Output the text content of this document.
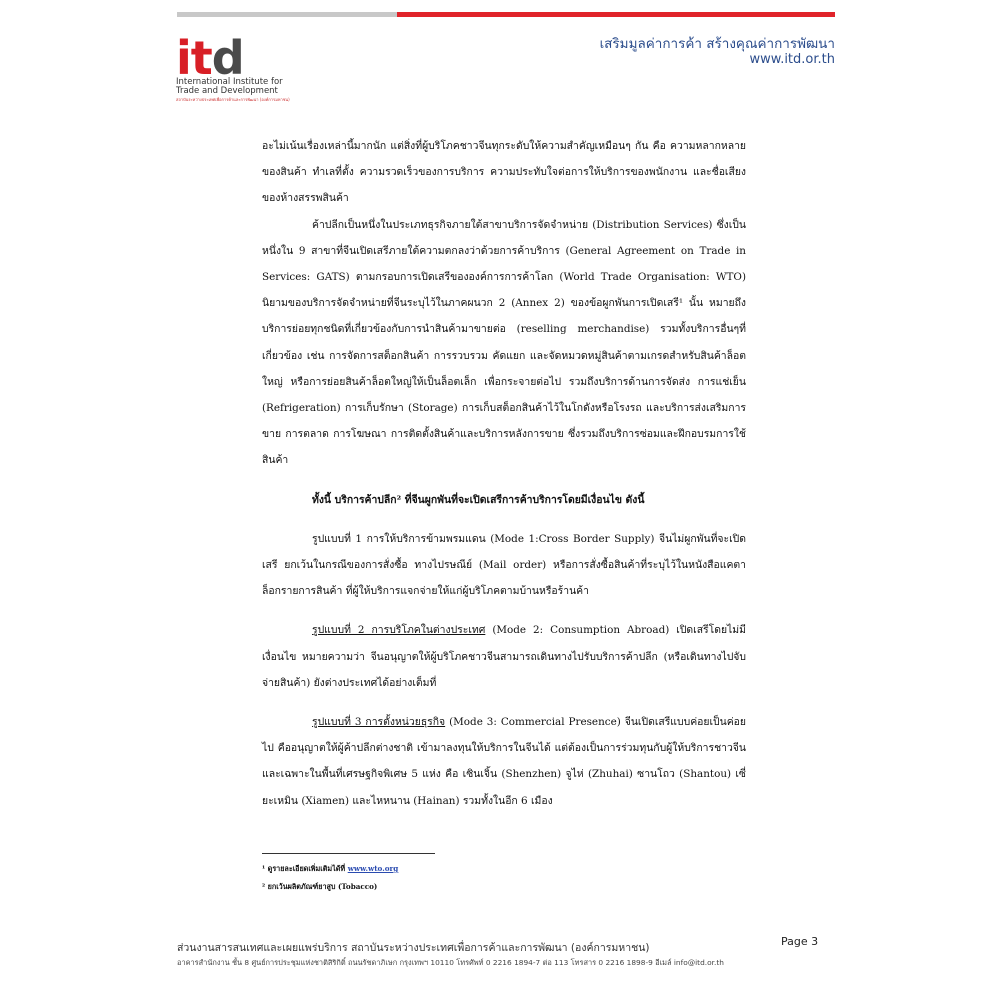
itd
International Institute for
Trade and Development
สถาบันระหว่างประเทศเพื่อการค้าและการพัฒนา (องค์การมหาชน)
เสริมมูลค่าการค้า สร้างคุณค่าการพัฒนา
www.itd.or.th

อะไม่เน้นเรื่องเหล่านี้มากนัก แต่สิ่งที่ผู้บริโภคชาวจีนทุกระดับให้ความสำคัญเหมือนๆ กัน คือ ความหลากหลายของสินค้า ทำเลที่ตั้ง ความรวดเร็วของการบริการ ความประทับใจต่อการให้บริการของพนักงาน และชื่อเสียงของห้างสรรพสินค้า

ค้าปลีกเป็นหนึ่งในประเภทธุรกิจภายใต้สาขาบริการจัดจำหน่าย (Distribution Services) ซึ่งเป็นหนึ่งใน 9 สาขาที่จีนเปิดเสรีภายใต้ความตกลงว่าด้วยการค้าบริการ (General Agreement on Trade in Services: GATS) ตามกรอบการเปิดเสรีขององค์การการค้าโลก (World Trade Organisation: WTO) นิยามของบริการจัดจำหน่ายที่จีนระบุไว้ในภาคผนวก 2 (Annex 2) ของข้อผูกพันการเปิดเสรี¹ นั้น หมายถึง บริการย่อยทุกชนิดที่เกี่ยวข้องกับการนำสินค้ามาขายต่อ (reselling merchandise) รวมทั้งบริการอื่นๆที่เกี่ยวข้อง เช่น การจัดการสต็อกสินค้า การรวบรวม คัดแยก และจัดหมวดหมู่สินค้าตามเกรดสำหรับสินค้าล็อตใหญ่ หรือการย่อยสินค้าล็อตใหญ่ให้เป็นล็อตเล็ก เพื่อกระจายต่อไป รวมถึงบริการด้านการจัดส่ง การแช่เย็น (Refrigeration) การเก็บรักษา (Storage) การเก็บสต็อกสินค้าไว้ในโกดังหรือโรงรถ และบริการส่งเสริมการขาย การตลาด การโฆษณา การติดตั้งสินค้าและบริการหลังการขาย ซึ่งรวมถึงบริการซ่อมและฝึกอบรมการใช้สินค้า

ทั้งนี้ บริการค้าปลีก² ที่จีนผูกพันที่จะเปิดเสรีการค้าบริการโดยมีเงื่อนไข ดังนี้

รูปแบบที่ 1 การให้บริการข้ามพรมแดน (Mode 1:Cross Border Supply) จีนไม่ผูกพันที่จะเปิดเสรี ยกเว้นในกรณีของการสั่งซื้อ ทางไปรษณีย์ (Mail order) หรือการสั่งซื้อสินค้าที่ระบุไว้ในหนังสือแคตาล็อกรายการสินค้า ที่ผู้ให้บริการแจกจ่ายให้แก่ผู้บริโภคตามบ้านหรือร้านค้า

รูปแบบที่ 2 การบริโภคในต่างประเทศ (Mode 2: Consumption Abroad) เปิดเสรีโดยไม่มีเงื่อนไข หมายความว่า จีนอนุญาตให้ผู้บริโภคชาวจีนสามารถเดินทางไปรับบริการค้าปลีก (หรือเดินทางไปจับจ่ายสินค้า) ยังต่างประเทศได้อย่างเต็มที่

รูปแบบที่ 3 การตั้งหน่วยธุรกิจ (Mode 3: Commercial Presence) จีนเปิดเสรีแบบค่อยเป็นค่อยไป คืออนุญาตให้ผู้ค้าปลีกต่างชาติ เข้ามาลงทุนให้บริการในจีนได้ แต่ต้องเป็นการร่วมทุนกับผู้ให้บริการชาวจีน และเฉพาะในพื้นที่เศรษฐกิจพิเศษ 5 แห่ง คือ เซินเจิ้น (Shenzhen) จูไห่ (Zhuhai) ซานโถว (Shantou) เซี่ยะเหมิน (Xiamen) และไหหนาน (Hainan) รวมทั้งในอีก 6 เมือง

¹ ดูรายละเอียดเพิ่มเติมได้ที่ www.wto.org
² ยกเว้นผลิตภัณฑ์ยาสูบ (Tobacco)
ส่วนงานสารสนเทศและเผยแพร่บริการ สถาบันระหว่างประเทศเพื่อการค้าและการพัฒนา (องค์การมหาชน)
อาคารสำนักงาน ชั้น 8 ศูนย์การประชุมแห่งชาติสิริกิติ์ ถนนรัชดาภิเษก กรุงเทพฯ 10110 โทรศัพท์ 0 2216 1894-7 ต่อ 113 โทรสาร 0 2216 1898-9 อีเมล์ info@itd.or.th
Page 3
